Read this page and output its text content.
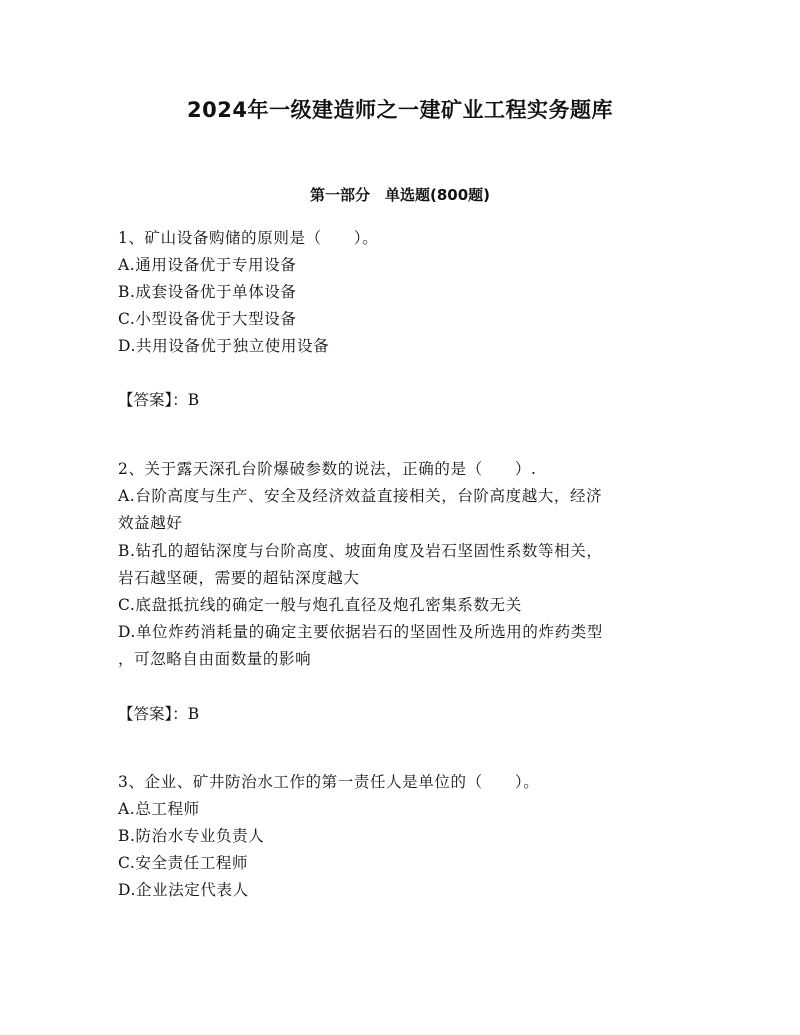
2024年一级建造师之一建矿业工程实务题库
第一部分　单选题(800题)
1、矿山设备购储的原则是（　　）。
A.通用设备优于专用设备
B.成套设备优于单体设备
C.小型设备优于大型设备
D.共用设备优于独立使用设备
【答案】：B
2、关于露天深孔台阶爆破参数的说法，正确的是（　　）.
A.台阶高度与生产、安全及经济效益直接相关，台阶高度越大，经济
效益越好
B.钻孔的超钻深度与台阶高度、坡面角度及岩石坚固性系数等相关，
岩石越坚硬，需要的超钻深度越大
C.底盘抵抗线的确定一般与炮孔直径及炮孔密集系数无关
D.单位炸药消耗量的确定主要依据岩石的坚固性及所选用的炸药类型
，可忽略自由面数量的影响
【答案】：B
3、企业、矿井防治水工作的第一责任人是单位的（　　）。
A.总工程师
B.防治水专业负责人
C.安全责任工程师
D.企业法定代表人
